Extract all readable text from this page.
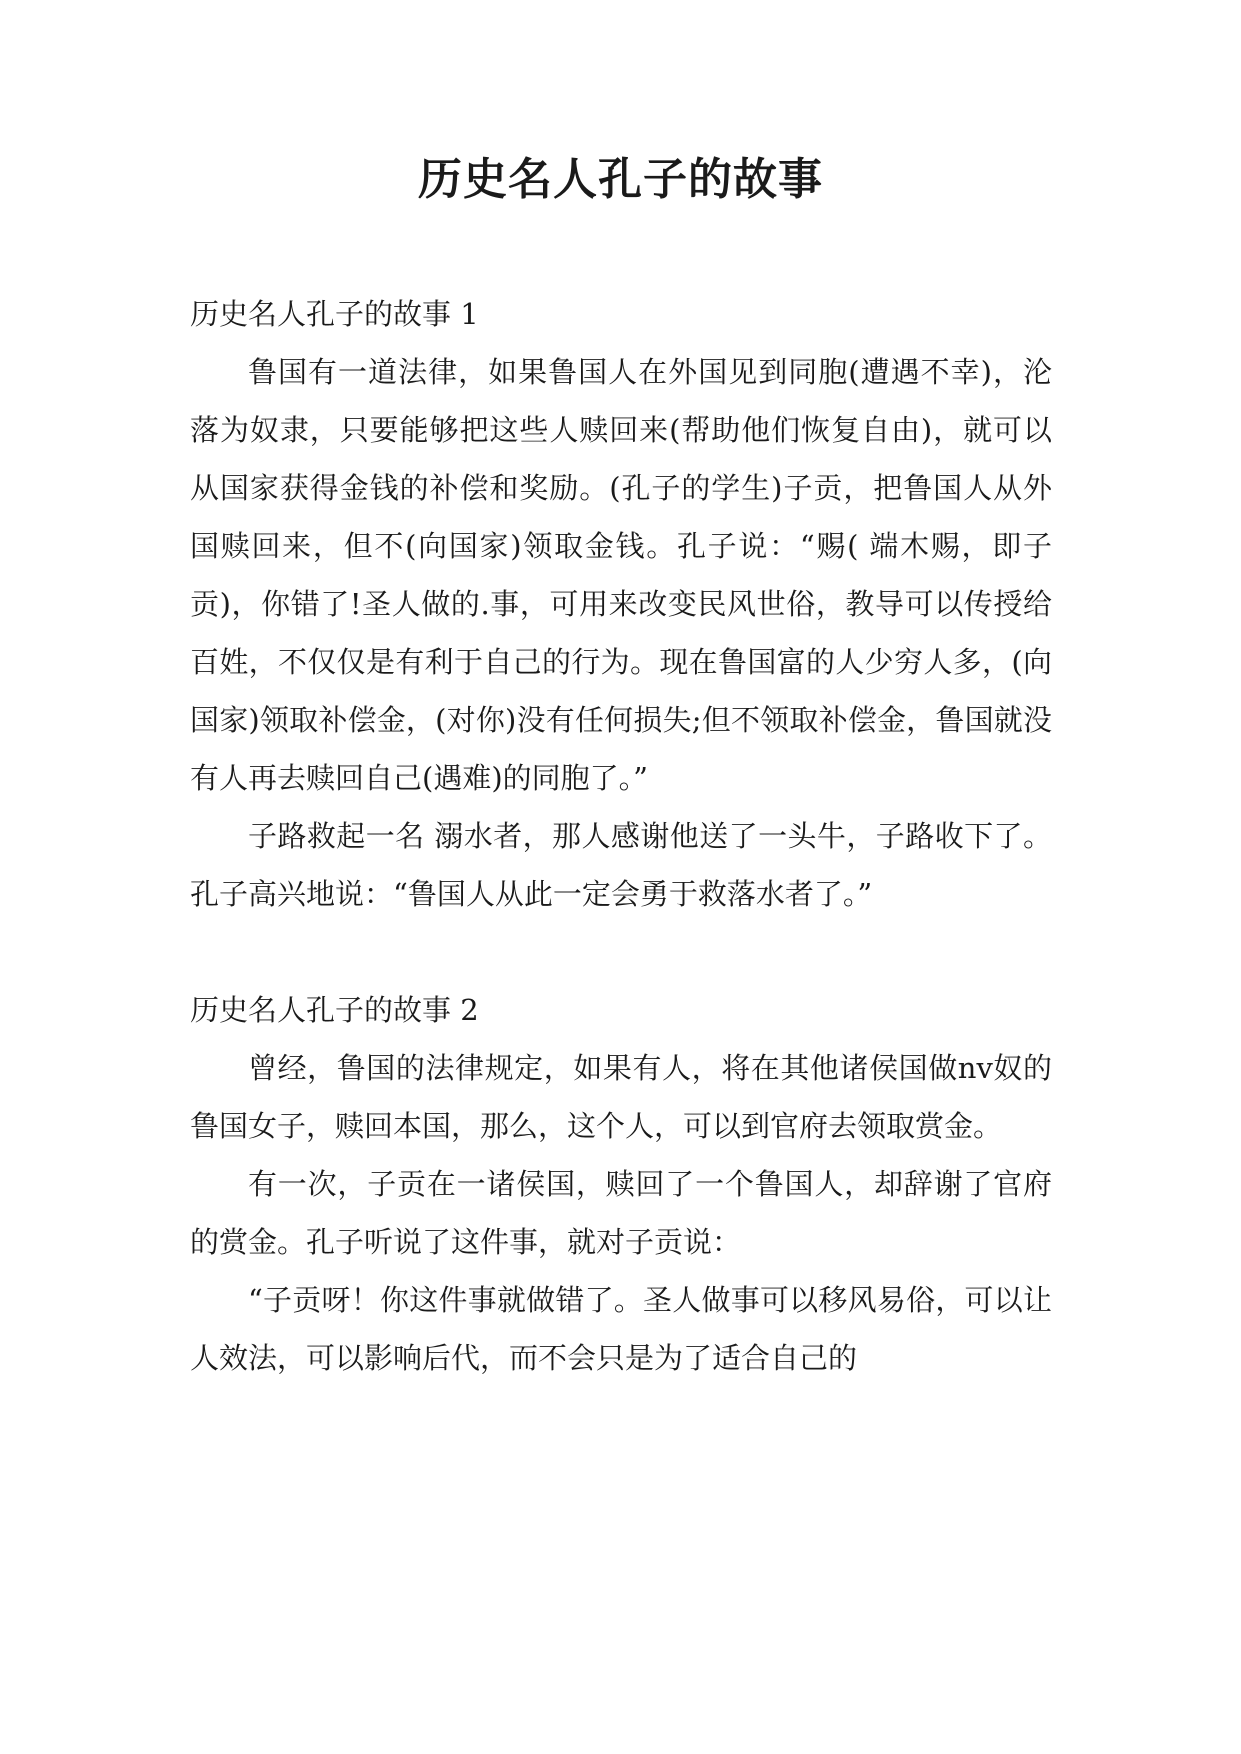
历史名人孔子的故事

历史名人孔子的故事 1

鲁国有一道法律，如果鲁国人在外国见到同胞(遭遇不幸)，沦落为奴隶，只要能够把这些人赎回来(帮助他们恢复自由)，就可以从国家获得金钱的补偿和奖励。(孔子的学生)子贡，把鲁国人从外国赎回来，但不(向国家)领取金钱。孔子说：“赐( 端木赐，即子贡)，你错了!圣人做的.事，可用来改变民风世俗，教导可以传授给百姓，不仅仅是有利于自己的行为。现在鲁国富的人少穷人多，(向国家)领取补偿金，(对你)没有任何损失;但不领取补偿金，鲁国就没有人再去赎回自己(遇难)的同胞了。”

子路救起一名 溺水者，那人感谢他送了一头牛，子路收下了。孔子高兴地说：“鲁国人从此一定会勇于救落水者了。”

历史名人孔子的故事 2

曾经，鲁国的法律规定，如果有人，将在其他诸侯国做nv奴的鲁国女子，赎回本国，那么，这个人，可以到官府去领取赏金。

有一次，子贡在一诸侯国，赎回了一个鲁国人，却辞谢了官府的赏金。孔子听说了这件事，就对子贡说：

“子贡呀！你这件事就做错了。圣人做事可以移风易俗，可以让人效法，可以影响后代，而不会只是为了适合自己的
